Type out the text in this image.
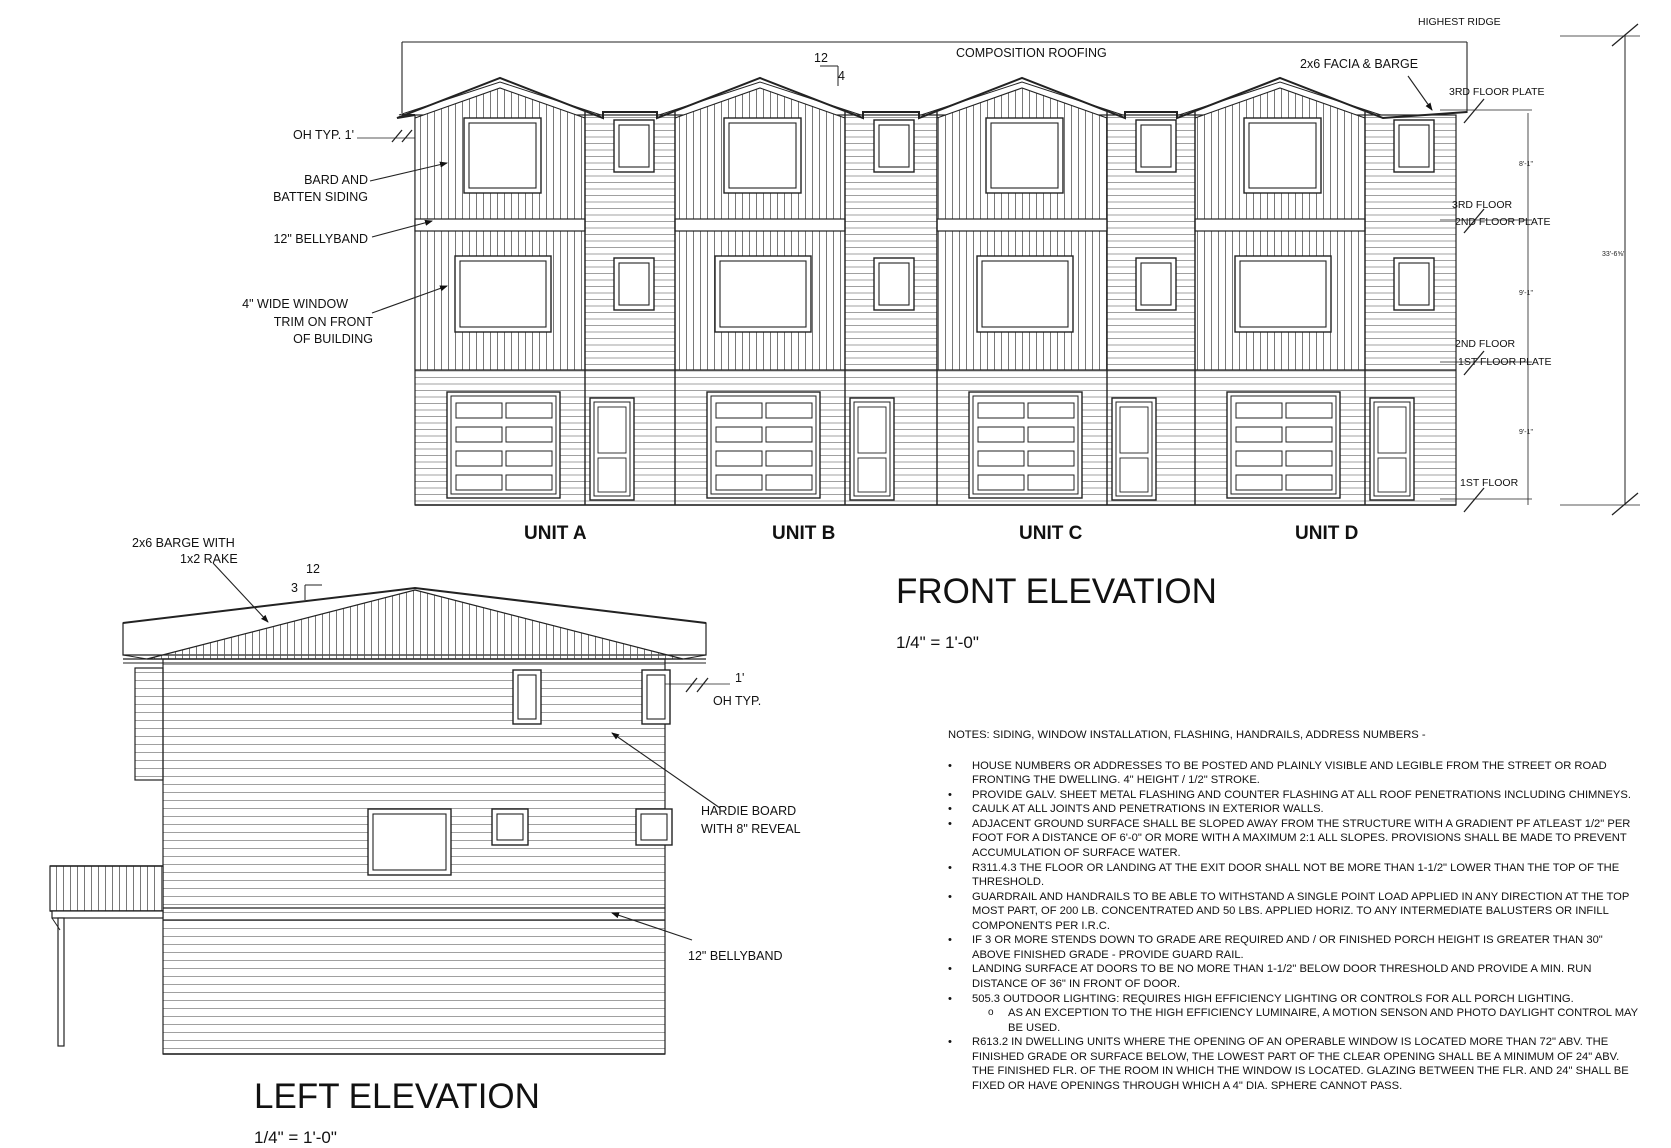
HIGHEST RIDGE
COMPOSITION ROOFING
12
4
2x6 FACIA & BARGE
OH TYP. 1'
BARD AND
BATTEN SIDING
12" BELLYBAND
4" WIDE WINDOW
TRIM ON FRONT
OF BUILDING
3RD FLOOR PLATE
3RD FLOOR
2ND FLOOR PLATE
2ND FLOOR
1ST FLOOR PLATE
1ST FLOOR
8'-1"
9'-1"
9'-1"
33'-6⅝"
UNIT A	UNIT B	UNIT C	UNIT D
FRONT ELEVATION
1/4" = 1'-0"
2x6 BARGE WITH
1x2 RAKE
12
3
1'
OH TYP.
HARDIE BOARD
WITH 8" REVEAL
12" BELLYBAND
LEFT ELEVATION
1/4" = 1'-0"
NOTES: SIDING, WINDOW INSTALLATION, FLASHING, HANDRAILS, ADDRESS NUMBERS -
• HOUSE NUMBERS OR ADDRESSES TO BE POSTED AND PLAINLY VISIBLE AND LEGIBLE FROM THE STREET OR ROAD FRONTING THE DWELLING. 4" HEIGHT / 1/2" STROKE.
• PROVIDE GALV. SHEET METAL FLASHING AND COUNTER FLASHING AT ALL ROOF PENETRATIONS INCLUDING CHIMNEYS.
• CAULK AT ALL JOINTS AND PENETRATIONS IN EXTERIOR WALLS.
• ADJACENT GROUND SURFACE SHALL BE SLOPED AWAY FROM THE STRUCTURE WITH A GRADIENT PF ATLEAST 1/2" PER FOOT FOR A DISTANCE OF 6'-0" OR MORE WITH A MAXIMUM 2:1 ALL SLOPES. PROVISIONS SHALL BE MADE TO PREVENT ACCUMULATION OF SURFACE WATER.
• R311.4.3 THE FLOOR OR LANDING AT THE EXIT DOOR SHALL NOT BE MORE THAN 1-1/2" LOWER THAN THE TOP OF THE THRESHOLD.
• GUARDRAIL AND HANDRAILS TO BE ABLE TO WITHSTAND A SINGLE POINT LOAD APPLIED IN ANY DIRECTION AT THE TOP MOST PART, OF 200 LB. CONCENTRATED AND 50 LBS. APPLIED HORIZ. TO ANY INTERMEDIATE BALUSTERS OR INFILL COMPONENTS PER I.R.C.
• IF 3 OR MORE STENDS DOWN TO GRADE ARE REQUIRED AND / OR FINISHED PORCH HEIGHT IS GREATER THAN 30" ABOVE FINISHED GRADE - PROVIDE GUARD RAIL.
• LANDING SURFACE AT DOORS TO BE NO MORE THAN 1-1/2" BELOW DOOR THRESHOLD AND PROVIDE A MIN. RUN DISTANCE OF 36" IN FRONT OF DOOR.
• 505.3 OUTDOOR LIGHTING: REQUIRES HIGH EFFICIENCY LIGHTING OR CONTROLS FOR ALL PORCH LIGHTING.
o AS AN EXCEPTION TO THE HIGH EFFICIENCY LUMINAIRE, A MOTION SENSON AND PHOTO DAYLIGHT CONTROL MAY BE USED.
• R613.2 IN DWELLING UNITS WHERE THE OPENING OF AN OPERABLE WINDOW IS LOCATED MORE THAN 72" ABV. THE FINISHED GRADE OR SURFACE BELOW, THE LOWEST PART OF THE CLEAR OPENING SHALL BE A MINIMUM OF 24" ABV. THE FINISHED FLR. OF THE ROOM IN WHICH THE WINDOW IS LOCATED. GLAZING BETWEEN THE FLR. AND 24" SHALL BE FIXED OR HAVE OPENINGS THROUGH WHICH A 4" DIA. SPHERE CANNOT PASS.
